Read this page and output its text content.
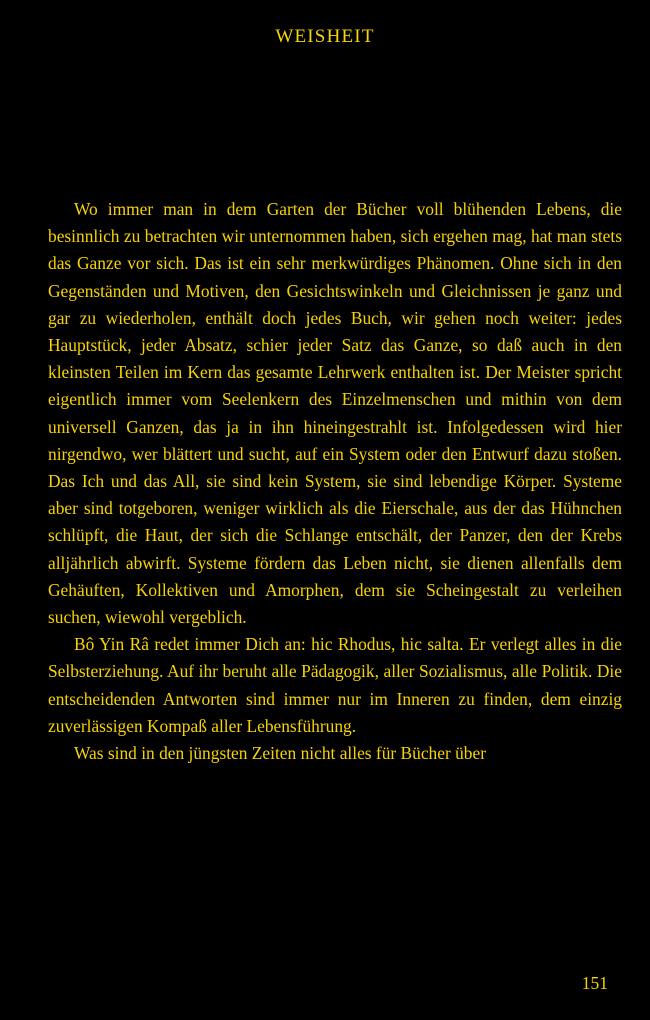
WEISHEIT

Wo immer man in dem Garten der Bücher voll blühenden Lebens, die besinnlich zu betrachten wir unternommen haben, sich ergehen mag, hat man stets das Ganze vor sich. Das ist ein sehr merkwürdiges Phänomen. Ohne sich in den Gegenständen und Motiven, den Gesichtswinkeln und Gleichnissen je ganz und gar zu wiederholen, enthält doch jedes Buch, wir gehen noch weiter: jedes Hauptstück, jeder Absatz, schier jeder Satz das Ganze, so daß auch in den kleinsten Teilen im Kern das gesamte Lehrwerk enthalten ist. Der Meister spricht eigentlich immer vom Seelenkern des Einzelmenschen und mithin von dem universell Ganzen, das ja in ihn hineingestrahlt ist. Infolgedessen wird hier nirgendwo, wer blättert und sucht, auf ein System oder den Entwurf dazu stoßen. Das Ich und das All, sie sind kein System, sie sind lebendige Körper. Systeme aber sind totgeboren, weniger wirklich als die Eierschale, aus der das Hühnchen schlüpft, die Haut, der sich die Schlange entschält, der Panzer, den der Krebs alljährlich abwirft. Systeme fördern das Leben nicht, sie dienen allenfalls dem Gehäuften, Kollektiven und Amorphen, dem sie Scheingestalt zu verleihen suchen, wiewohl vergeblich.

Bô Yin Râ redet immer Dich an: hic Rhodus, hic salta. Er verlegt alles in die Selbsterziehung. Auf ihr beruht alle Pädagogik, aller Sozialismus, alle Politik. Die entscheidenden Antworten sind immer nur im Inneren zu finden, dem einzig zuverlässigen Kompaß aller Lebensführung.

Was sind in den jüngsten Zeiten nicht alles für Bücher über

151
